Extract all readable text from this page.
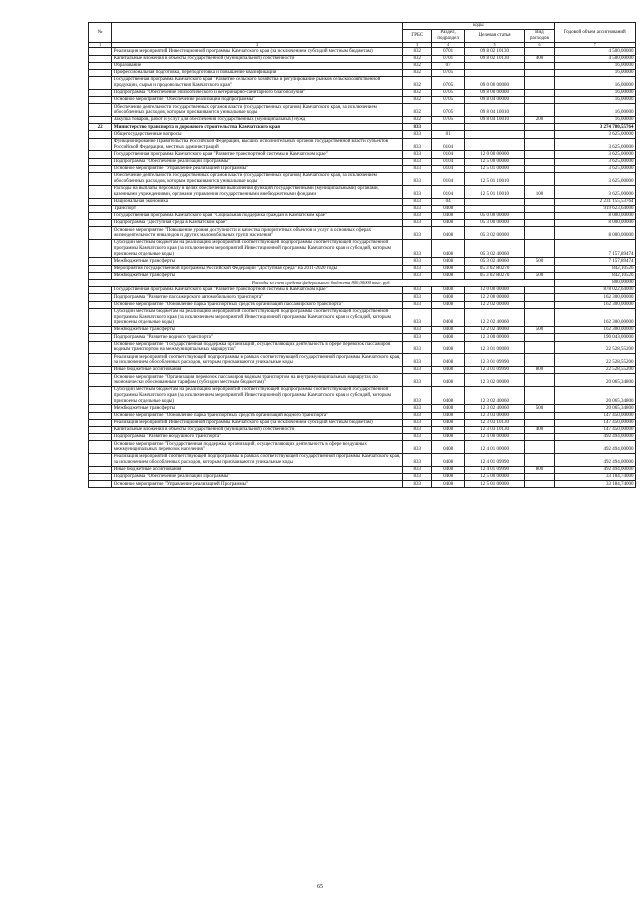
№		коды				Годовой объем ассигнований
		ГРБС	Раздел, подраздел	Целевая статья	Вид расходов	
1	2	3	4	5	6	7
	Реализация мероприятий Инвестиционной программы Камчатского края (за исключением субсидий местным бюджетам)	832	0701	09 8 02 10130		4 500,00000
	Капитальные вложения в объекты государственной (муниципальной) собственности	832	0701	09 8 02 10130	400	4 500,00000
	Образование	832	07			16,00000
	Профессиональная подготовка, переподготовка и повышение квалификации	832	0705			16,00000
	Государственная программа Камчатского края "Развитие сельского хозяйства и регулирование рынков сельскохозяйственной продукции, сырья и продовольствия Камчатского края"	832	0705	09 0 00 00000		16,00000
	Подпрограмма "Обеспечение эпизоотического и ветеринарно-санитарного благополучия"	832	0705	09 8 00 00000		16,00000
	Основное мероприятие "Обеспечение реализации подпрограммы"	832	0705	09 8 04 00000		16,00000
	Обеспечение деятельности государственных органов власти (государственных органов) Камчатского края, за исключением обособленных расходов, которым присваиваются уникальные коды	832	0705	09 8 04 10010		16,00000
	Закупка товаров, работ и услуг для обеспечения государственных (муниципальных) нужд	832	0705	09 8 04 10010	200	16,00000
22	Министерство транспорта и дорожного строительства Камчатского края	833				3 274 780,55764
	Общегосударственные вопросы	833	01			3 625,00000
	Функционирование Правительства Российской Федерации, высших исполнительных органов государственной власти субъектов Российской Федерации, местных администраций	833	0104			3 625,00000
	Государственная программа Камчатского края "Развитие транспортной системы в Камчатском крае"	833	0104	12 0 00 00000		3 625,00000
	Подпрограмма "Обеспечение реализации Программы"	833	0104	12 5 00 00000		3 625,00000
	Основное мероприятие "Управление реализацией Программы"	833	0104	12 5 01 00000		3 625,00000
	Обеспечение деятельности государственных органов власти (государственных органов) Камчатского края, за исключением обособленных расходов, которым присваиваются уникальные коды	833	0104	12 5 01 10010		3 625,00000
	Расходы на выплаты персоналу в целях обеспечения выполнения функций государственными (муниципальными) органами, казенными учреждениями, органами управления государственными внебюджетными фондами	833	0104	12 5 01 10010	100	3 625,00000
	Национальная экономика	833	04			2 231 155,53764
	Транспорт	833	0408			919 623,64000
	Государственная программа Камчатского края "Социальная поддержка граждан в Камчатском крае"	833	0408	05 0 00 00000		8 000,00000
	Подпрограмма "Доступная среда в Камчатском крае"	833	0408	05 3 00 00000		8 000,00000
	Основное мероприятие "Повышение уровня доступности и качества приоритетных объектов и услуг в основных сферах жизнедеятельности инвалидов и других маломобильных групп населения"	833	0408	05 3 02 00000		8 000,00000
	Субсидии местным бюджетам на реализацию мероприятий соответствующей подпрограммы соответствующей государственной программы Камчатского края (за исключением мероприятий Инвестиционной программы Камчатского края и субсидий, которым присвоены отдельные коды)	833	0408	05 3 02 40060		7 157,89474
	Межбюджетные трансферты	833	0408	05 3 02 40060	500	7 157,89474
	Мероприятия государственной программы Российской Федерации "Доступная среда" на 2011-2020 годы	833	0408	05 3 02 R0270		842,10526
	Межбюджетные трансферты	833	0408	05 3 02 R0270	500	842,10526
Расходы за счет средств федерального бюджета 800,00000 тыс. руб.						800,00000
	Государственная программа Камчатского края "Развитие транспортной системы в Камчатском крае"	833	0408	12 0 00 00000		878 022,64000
	Подпрограмма "Развитие пассажирского автомобильного транспорта"	833	0408	12 2 00 00000		162 300,00000
	Основное мероприятие "Обновление парка транспортных средств организаций пассажирского транспорта"	833	0408	12 2 02 00000		162 300,00000
	Субсидии местным бюджетам на реализацию мероприятий соответствующей подпрограммы соответствующей государственной программы Камчатского края (за исключением мероприятий Инвестиционной программы Камчатского края и субсидий, которым присвоены отдельные коды)	833	0408	12 2 02 40060		162 300,00000
	Межбюджетные трансферты	833	0408	12 2 02 40060	500	162 300,00000
	Подпрограмма "Развитие водного транспорта"	833	0408	12 3 00 00000		190 043,00000
	Основное мероприятие "Государственная поддержка организаций, осуществляющих деятельность в сфере перевозок пассажиров водным транспортом на межмуниципальных маршрутах"	833	0408	12 3 01 00000		22 528,55200
	Реализация мероприятий соответствующей подпрограммы в рамках соответствующей государственной программы Камчатского края, за исключением обособленных расходов, которым присваиваются уникальные коды	833	0408	12 3 01 09990		22 528,55200
	Иные бюджетные ассигнования	833	0408	12 3 01 09990	800	22 528,55200
	Основное мероприятие "Организация перевозок пассажиров водным транспортом на внутримуниципальных маршрутах по экономически обоснованным тарифам (субсидии местным бюджетам)"	833	0408	12 3 02 00000		20 065,34800
	Субсидии местным бюджетам на реализацию мероприятий соответствующей подпрограммы соответствующей государственной программы Камчатского края (за исключением мероприятий Инвестиционной программы Камчатского края и субсидий, которым присвоены отдельные коды)	833	0408	12 3 02 40060		20 065,34800
	Межбюджетные трансферты	833	0408	12 3 02 40060	500	20 065,34800
	Основное мероприятие "Обновление парка транспортных средств организаций водного транспорта"	833	0408	12 3 03 00000		147 450,00000
	Реализация мероприятий Инвестиционной программы Камчатского края (за исключением субсидий местным бюджетам)	833	0408	12 3 03 10130		147 450,00000
	Капитальные вложения в объекты государственной (муниципальной) собственности	833	0408	12 3 03 10130	400	147 450,00000
	Подпрограмма "Развитие воздушного транспорта"	833	0408	12 4 00 00000		492 494,00000
	Основное мероприятие "Государственная поддержка организаций, осуществляющих деятельность в сфере воздушных межмуниципальных перевозок населения"	833	0408	12 4 01 00000		492 494,00000
	Реализация мероприятий соответствующей подпрограммы в рамках соответствующей государственной программы Камчатского края, за исключением обособленных расходов, которым присваиваются уникальные коды	833	0408	12 4 01 09990		492 494,00000
	Иные бюджетные ассигнования	833	0408	12 4 01 09990	800	492 494,00000
	Подпрограмма "Обеспечение реализации Программы"	833	0408	12 5 00 00000		33 184,74000
	Основное мероприятие "Управление реализацией Программы"	833	0408	12 5 01 00000		33 184,74000
65
